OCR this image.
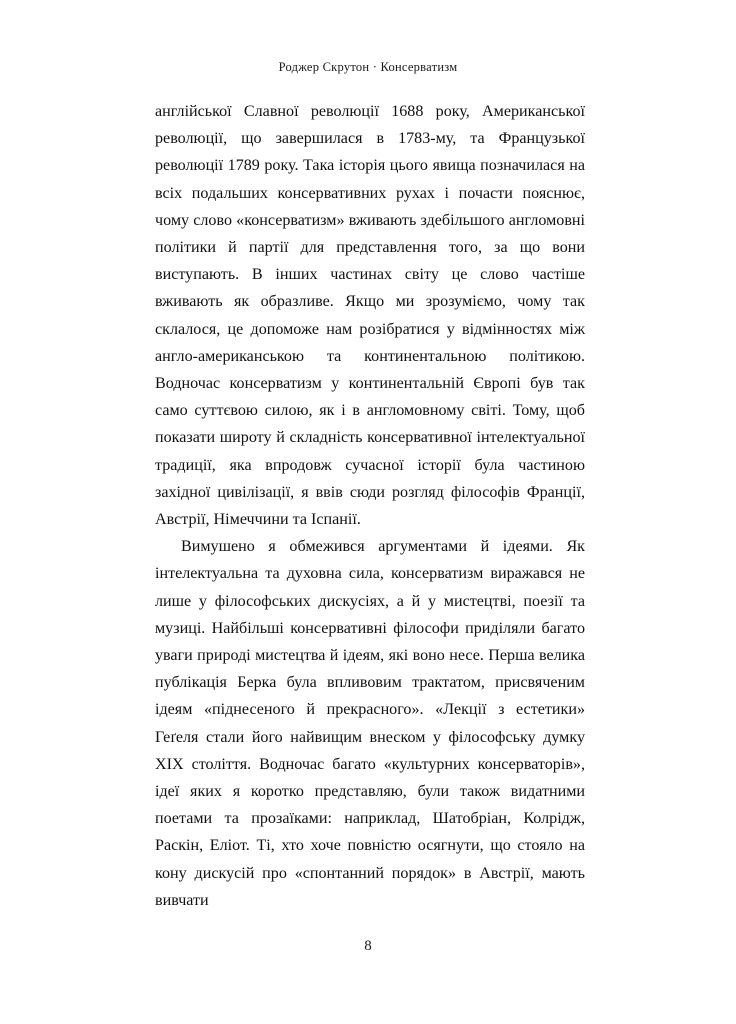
Роджер Скрутон · Консерватизм

англійської Славної революції 1688 року, Американської революції, що завершилася в 1783-му, та Французької революції 1789 року. Така історія цього явища позначилася на всіх подальших консервативних рухах і почасти пояснює, чому слово «консерватизм» вживають здебільшого англомовні політики й партії для представлення того, за що вони виступають. В інших частинах світу це слово частіше вживають як образливе. Якщо ми зрозуміємо, чому так склалося, це допоможе нам розібратися у відмінностях між англо-американською та континентальною політикою. Водночас консерватизм у континентальній Європі був так само суттєвою силою, як і в англомовному світі. Тому, щоб показати широту й складність консервативної інтелектуальної традиції, яка впродовж сучасної історії була частиною західної цивілізації, я ввів сюди розгляд філософів Франції, Австрії, Німеччини та Іспанії.

Вимушено я обмежився аргументами й ідеями. Як інтелектуальна та духовна сила, консерватизм виражався не лише у філософських дискусіях, а й у мистецтві, поезії та музиці. Найбільші консервативні філософи приділяли багато уваги природі мистецтва й ідеям, які воно несе. Перша велика публікація Берка була впливовим трактатом, присвяченим ідеям «піднесеного й прекрасного». «Лекції з естетики» Геґеля стали його найвищим внеском у філософську думку XIX століття. Водночас багато «культурних консерваторів», ідеї яких я коротко представляю, були також видатними поетами та прозаїками: наприклад, Шатобріан, Колрідж, Раскін, Еліот. Ті, хто хоче повністю осягнути, що стояло на кону дискусій про «спонтанний порядок» в Австрії, мають вивчати

8
